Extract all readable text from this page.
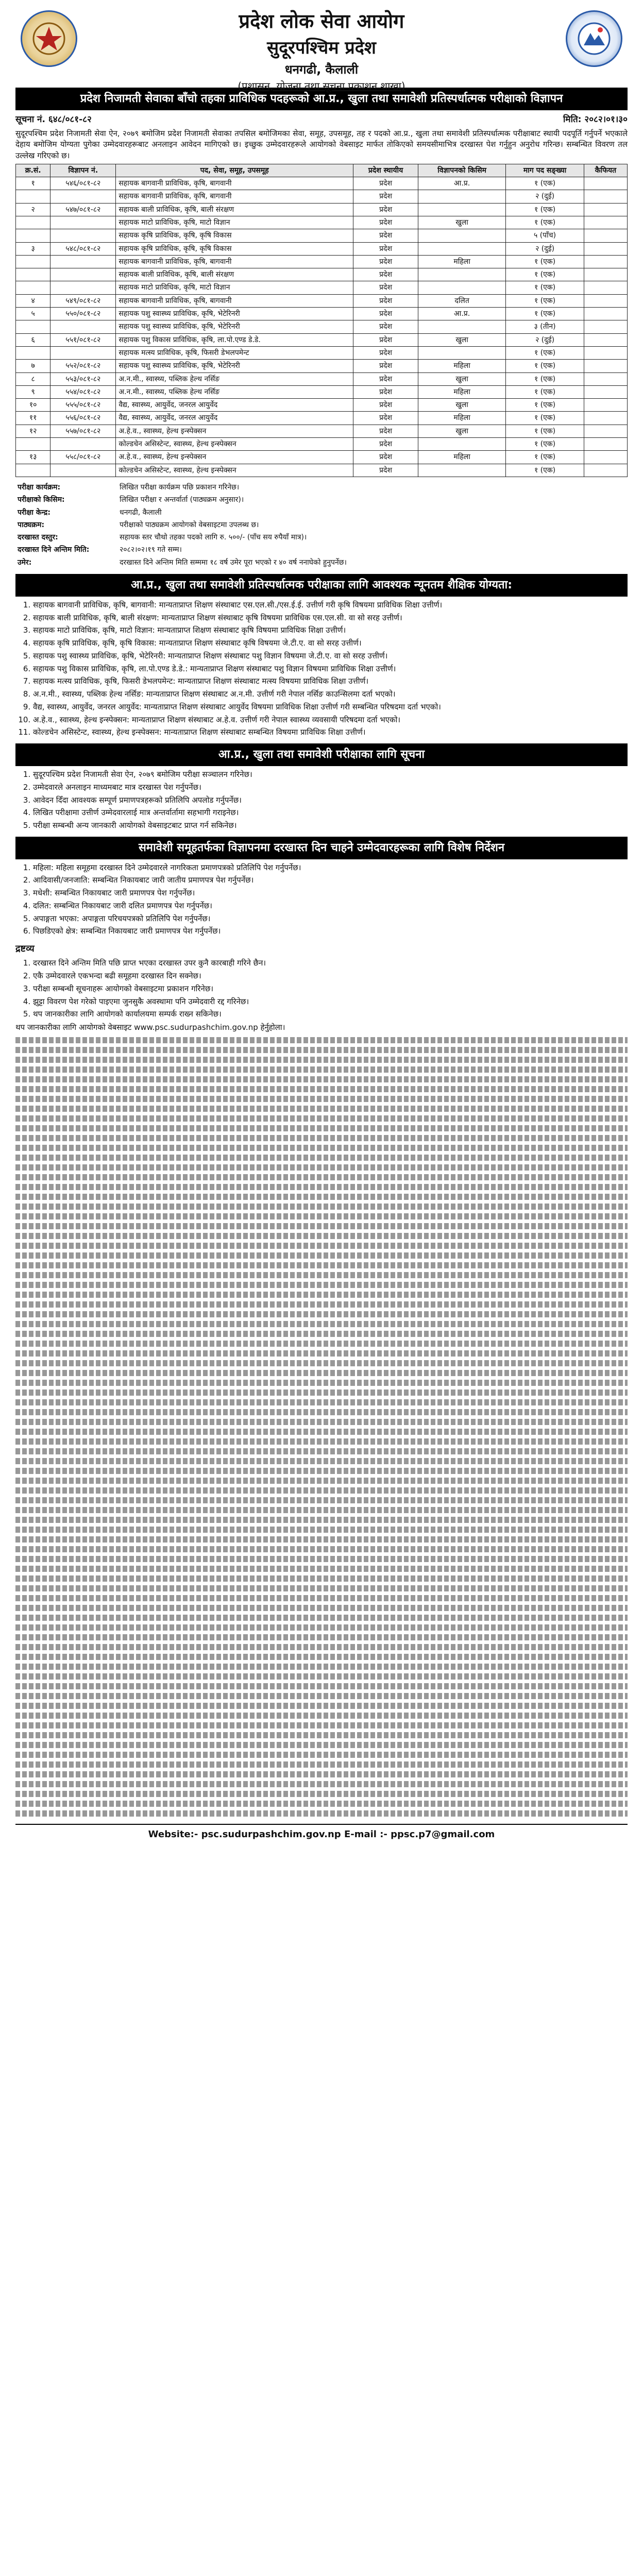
प्रदेश लोक सेवा आयोग
सुदूरपश्चिम प्रदेश
धनगढी, कैलाली
(प्रशासन, योजना तथा सूचना प्रकाशन शाखा)
प्रदेश निजामती सेवाका बाँचो तहका प्राविधिक पदहरूको आ.प्र., खुला तथा समावेशी प्रतिस्पर्धात्मक परीक्षाको विज्ञापन
सूचना नं. ६४८/०८१-८२	मिति: २०८२।०१।३०

सुदूरपश्चिम प्रदेश निजामती सेवा ऐन, २०७९ बमोजिम प्रदेश निजामती सेवाका तपसिल बमोजिमका सेवा, समूह, उपसमूह, तह र पदको आ.प्र., खुला तथा समावेशी प्रतिस्पर्धात्मक परीक्षाबाट स्थायी पदपूर्ति गर्नुपर्ने भएकाले देहाय बमोजिम योग्यता पुगेका उम्मेदवारहरूबाट अनलाइन आवेदन मागिएको छ। इच्छुक उम्मेदवारहरूले आयोगको वेबसाइट मार्फत तोकिएको समयसीमाभित्र दरखास्त पेश गर्नुहुन अनुरोध गरिन्छ। सम्बन्धित विवरण तल उल्लेख गरिएको छ।

क्र.सं.	विज्ञापन नं.	पद, सेवा, समूह, उपसमूह	प्रदेश स्थायीय	विज्ञापनको किसिम	माग पद सङ्ख्या	कैफियत
१	५४६/०८१-८२	सहायक बागवानी प्राविधिक, कृषि, बागवानी	प्रदेश	आ.प्र.	१ (एक)	
		सहायक बागवानी प्राविधिक, कृषि, बागवानी	प्रदेश		२ (दुई)	
२	५४७/०८१-८२	सहायक बाली प्राविधिक, कृषि, बाली संरक्षण	प्रदेश		१ (एक)	
		सहायक माटो प्राविधिक, कृषि, माटो विज्ञान	प्रदेश	खुला	१ (एक)	
		सहायक कृषि प्राविधिक, कृषि, कृषि विकास	प्रदेश		५ (पाँच)	
३	५४८/०८१-८२	सहायक कृषि प्राविधिक, कृषि, कृषि विकास	प्रदेश		२ (दुई)	
		सहायक बागवानी प्राविधिक, कृषि, बागवानी	प्रदेश	महिला	१ (एक)	
		सहायक बाली प्राविधिक, कृषि, बाली संरक्षण	प्रदेश		१ (एक)	
		सहायक माटो प्राविधिक, कृषि, माटो विज्ञान	प्रदेश		१ (एक)	
४	५४९/०८१-८२	सहायक बागवानी प्राविधिक, कृषि, बागवानी	प्रदेश	दलित	१ (एक)	
५	५५०/०८१-८२	सहायक पशु स्वास्थ्य प्राविधिक, कृषि, भेटेरिनरी	प्रदेश	आ.प्र.	१ (एक)	
		सहायक पशु स्वास्थ्य प्राविधिक, कृषि, भेटेरिनरी	प्रदेश		३ (तीन)	
६	५५१/०८१-८२	सहायक पशु विकास प्राविधिक, कृषि, ला.पो.एण्ड डे.डे.	प्रदेश	खुला	२ (दुई)	
		सहायक मत्स्य प्राविधिक, कृषि, फिसरी डेभलपमेन्ट	प्रदेश		१ (एक)	
७	५५२/०८१-८२	सहायक पशु स्वास्थ्य प्राविधिक, कृषि, भेटेरिनरी	प्रदेश	महिला	१ (एक)	
८	५५३/०८१-८२	अ.न.मी., स्वास्थ्य, पब्लिक हेल्थ नर्सिङ	प्रदेश	खुला	१ (एक)	
९	५५४/०८१-८२	अ.न.मी., स्वास्थ्य, पब्लिक हेल्थ नर्सिङ	प्रदेश	महिला	१ (एक)	
१०	५५५/०८१-८२	वैद्य, स्वास्थ्य, आयुर्वेद, जनरल आयुर्वेद	प्रदेश	खुला	१ (एक)	
११	५५६/०८१-८२	वैद्य, स्वास्थ्य, आयुर्वेद, जनरल आयुर्वेद	प्रदेश	महिला	१ (एक)	
१२	५५७/०८१-८२	अ.हे.व., स्वास्थ्य, हेल्थ इन्स्पेक्सन	प्रदेश	खुला	१ (एक)	
		कोल्डचेन असिस्टेन्ट, स्वास्थ्य, हेल्थ इन्स्पेक्सन	प्रदेश		१ (एक)	
१३	५५८/०८१-८२	अ.हे.व., स्वास्थ्य, हेल्थ इन्स्पेक्सन	प्रदेश	महिला	१ (एक)	
		कोल्डचेन असिस्टेन्ट, स्वास्थ्य, हेल्थ इन्स्पेक्सन	प्रदेश		१ (एक)	
परीक्षा कार्यक्रम:	लिखित परीक्षा कार्यक्रम पछि प्रकाशन गरिनेछ।
परीक्षाको किसिम:	लिखित परीक्षा र अन्तर्वार्ता (पाठ्यक्रम अनुसार)।
परीक्षा केन्द्र:	धनगढी, कैलाली
पाठ्यक्रम:	परीक्षाको पाठ्यक्रम आयोगको वेबसाइटमा उपलब्ध छ।
दरखास्त दस्तुर:	सहायक स्तर चौथो तहका पदको लागि रु. ५००/- (पाँच सय रुपैयाँ मात्र)।
दरखास्त दिने अन्तिम मिति:	२०८२।०२।१९ गते सम्म।
उमेर:	दरखास्त दिने अन्तिम मिति सम्ममा १८ वर्ष उमेर पूरा भएको र ४० वर्ष ननाघेको हुनुपर्नेछ।
आ.प्र., खुला तथा समावेशी प्रतिस्पर्धात्मक परीक्षाका लागि आवश्यक न्यूनतम शैक्षिक योग्यता:
1. सहायक बागवानी प्राविधिक, कृषि, बागवानी: मान्यताप्राप्त शिक्षण संस्थाबाट एस.एल.सी./एस.ई.ई. उत्तीर्ण गरी कृषि विषयमा प्राविधिक शिक्षा उत्तीर्ण।
2. सहायक बाली प्राविधिक, कृषि, बाली संरक्षण: मान्यताप्राप्त शिक्षण संस्थाबाट कृषि विषयमा प्राविधिक एस.एल.सी. वा सो सरह उत्तीर्ण।
3. सहायक माटो प्राविधिक, कृषि, माटो विज्ञान: मान्यताप्राप्त शिक्षण संस्थाबाट कृषि विषयमा प्राविधिक शिक्षा उत्तीर्ण।
4. सहायक कृषि प्राविधिक, कृषि, कृषि विकास: मान्यताप्राप्त शिक्षण संस्थाबाट कृषि विषयमा जे.टी.ए. वा सो सरह उत्तीर्ण।
5. सहायक पशु स्वास्थ्य प्राविधिक, कृषि, भेटेरिनरी: मान्यताप्राप्त शिक्षण संस्थाबाट पशु विज्ञान विषयमा जे.टी.ए. वा सो सरह उत्तीर्ण।
6. सहायक पशु विकास प्राविधिक, कृषि, ला.पो.एण्ड डे.डे.: मान्यताप्राप्त शिक्षण संस्थाबाट पशु विज्ञान विषयमा प्राविधिक शिक्षा उत्तीर्ण।
7. सहायक मत्स्य प्राविधिक, कृषि, फिसरी डेभलपमेन्ट: मान्यताप्राप्त शिक्षण संस्थाबाट मत्स्य विषयमा प्राविधिक शिक्षा उत्तीर्ण।
8. अ.न.मी., स्वास्थ्य, पब्लिक हेल्थ नर्सिङ: मान्यताप्राप्त शिक्षण संस्थाबाट अ.न.मी. उत्तीर्ण गरी नेपाल नर्सिङ काउन्सिलमा दर्ता भएको।
9. वैद्य, स्वास्थ्य, आयुर्वेद, जनरल आयुर्वेद: मान्यताप्राप्त शिक्षण संस्थाबाट आयुर्वेद विषयमा प्राविधिक शिक्षा उत्तीर्ण गरी सम्बन्धित परिषदमा दर्ता भएको।
10. अ.हे.व., स्वास्थ्य, हेल्थ इन्स्पेक्सन: मान्यताप्राप्त शिक्षण संस्थाबाट अ.हे.व. उत्तीर्ण गरी नेपाल स्वास्थ्य व्यवसायी परिषदमा दर्ता भएको।
11. कोल्डचेन असिस्टेन्ट, स्वास्थ्य, हेल्थ इन्स्पेक्सन: मान्यताप्राप्त शिक्षण संस्थाबाट सम्बन्धित विषयमा प्राविधिक शिक्षा उत्तीर्ण।
आ.प्र., खुला तथा समावेशी परीक्षाका लागि सूचना
1. सुदूरपश्चिम प्रदेश निजामती सेवा ऐन, २०७९ बमोजिम परीक्षा सञ्चालन गरिनेछ।
2. उम्मेदवारले अनलाइन माध्यमबाट मात्र दरखास्त पेश गर्नुपर्नेछ।
3. आवेदन दिँदा आवश्यक सम्पूर्ण प्रमाणपत्रहरूको प्रतिलिपि अपलोड गर्नुपर्नेछ।
4. लिखित परीक्षामा उत्तीर्ण उम्मेदवारलाई मात्र अन्तर्वार्तामा सहभागी गराइनेछ।
5. परीक्षा सम्बन्धी अन्य जानकारी आयोगको वेबसाइटबाट प्राप्त गर्न सकिनेछ।
समावेशी समूहतर्फका विज्ञापनमा दरखास्त दिन चाहने उम्मेदवारहरूका लागि विशेष निर्देशन
1. महिला: महिला समूहमा दरखास्त दिने उम्मेदवारले नागरिकता प्रमाणपत्रको प्रतिलिपि पेश गर्नुपर्नेछ।
2. आदिवासी/जनजाति: सम्बन्धित निकायबाट जारी जातीय प्रमाणपत्र पेश गर्नुपर्नेछ।
3. मधेशी: सम्बन्धित निकायबाट जारी प्रमाणपत्र पेश गर्नुपर्नेछ।
4. दलित: सम्बन्धित निकायबाट जारी दलित प्रमाणपत्र पेश गर्नुपर्नेछ।
5. अपाङ्गता भएका: अपाङ्गता परिचयपत्रको प्रतिलिपि पेश गर्नुपर्नेछ।
6. पिछडिएको क्षेत्र: सम्बन्धित निकायबाट जारी प्रमाणपत्र पेश गर्नुपर्नेछ।
द्रष्टव्य
1. दरखास्त दिने अन्तिम मिति पछि प्राप्त भएका दरखास्त उपर कुनै कारबाही गरिने छैन।
2. एकै उम्मेदवारले एकभन्दा बढी समूहमा दरखास्त दिन सक्नेछ।
3. परीक्षा सम्बन्धी सूचनाहरू आयोगको वेबसाइटमा प्रकाशन गरिनेछ।
4. झुट्टा विवरण पेश गरेको पाइएमा जुनसुकै अवस्थामा पनि उम्मेदवारी रद्द गरिनेछ।
5. थप जानकारीका लागि आयोगको कार्यालयमा सम्पर्क राख्न सकिनेछ।

थप जानकारीका लागि आयोगको वेबसाइट www.psc.sudurpashchim.gov.np हेर्नुहोला।

Website:- psc.sudurpashchim.gov.np E-mail :- ppsc.p7@gmail.com
